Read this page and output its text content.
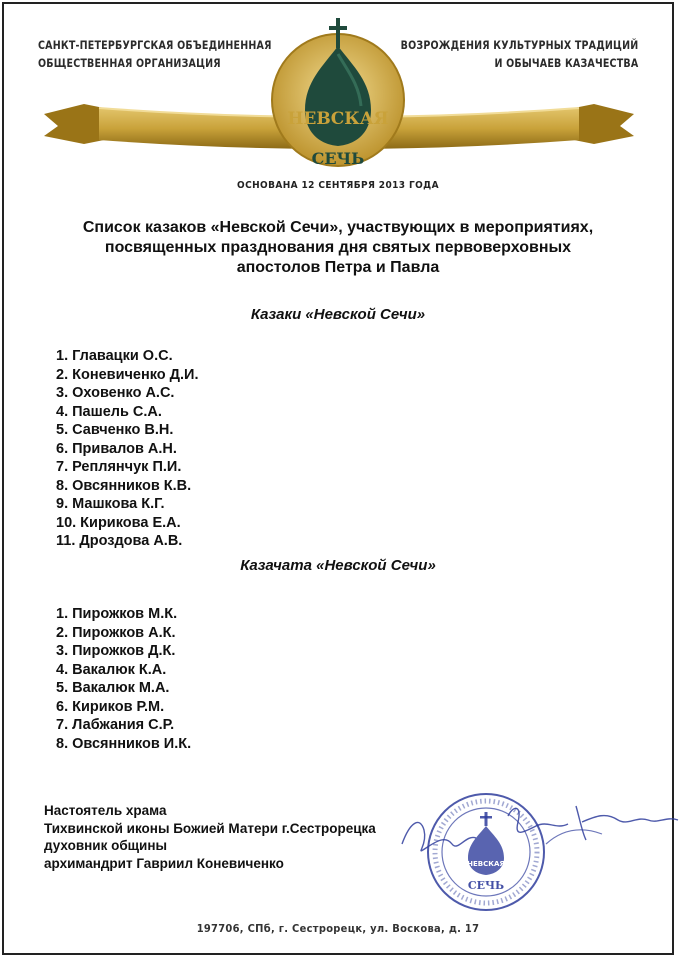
САНКТ-ПЕТЕРБУРГСКАЯ ОБЪЕДИНЕННАЯ
ОБЩЕСТВЕННАЯ ОРГАНИЗАЦИЯ
ВОЗРОЖДЕНИЯ КУЛЬТУРНЫХ ТРАДИЦИЙ
И ОБЫЧАЕВ КАЗАЧЕСТВА
НЕВСКАЯ
СЕЧЬ
ОСНОВАНА 12 СЕНТЯБРЯ 2013 ГОДА
Список казаков «Невской Сечи», участвующих в мероприятиях,
посвященных празднования дня святых первоверховных
апостолов Петра и Павла
Казаки «Невской Сечи»
1. Главацки О.С.
2. Коневиченко Д.И.
3. Оховенко А.С.
4. Пашель С.А.
5. Савченко В.Н.
6. Привалов А.Н.
7. Реплянчук П.И.
8. Овсянников К.В.
9. Машкова К.Г.
10. Кирикова Е.А.
11. Дроздова А.В.
Казачата «Невской Сечи»
1. Пирожков М.К.
2. Пирожков А.К.
3. Пирожков Д.К.
4. Вакалюк К.А.
5. Вакалюк М.А.
6. Кириков Р.М.
7. Лабжания С.Р.
8. Овсянников И.К.
Настоятель храма
Тихвинской иконы Божией Матери г.Сестрорецка
духовник общины
архимандрит Гавриил Коневиченко	НЕВСКАЯ
СЕЧЬ
197706, СПб, г. Сестрорецк, ул. Воскова, д. 17
